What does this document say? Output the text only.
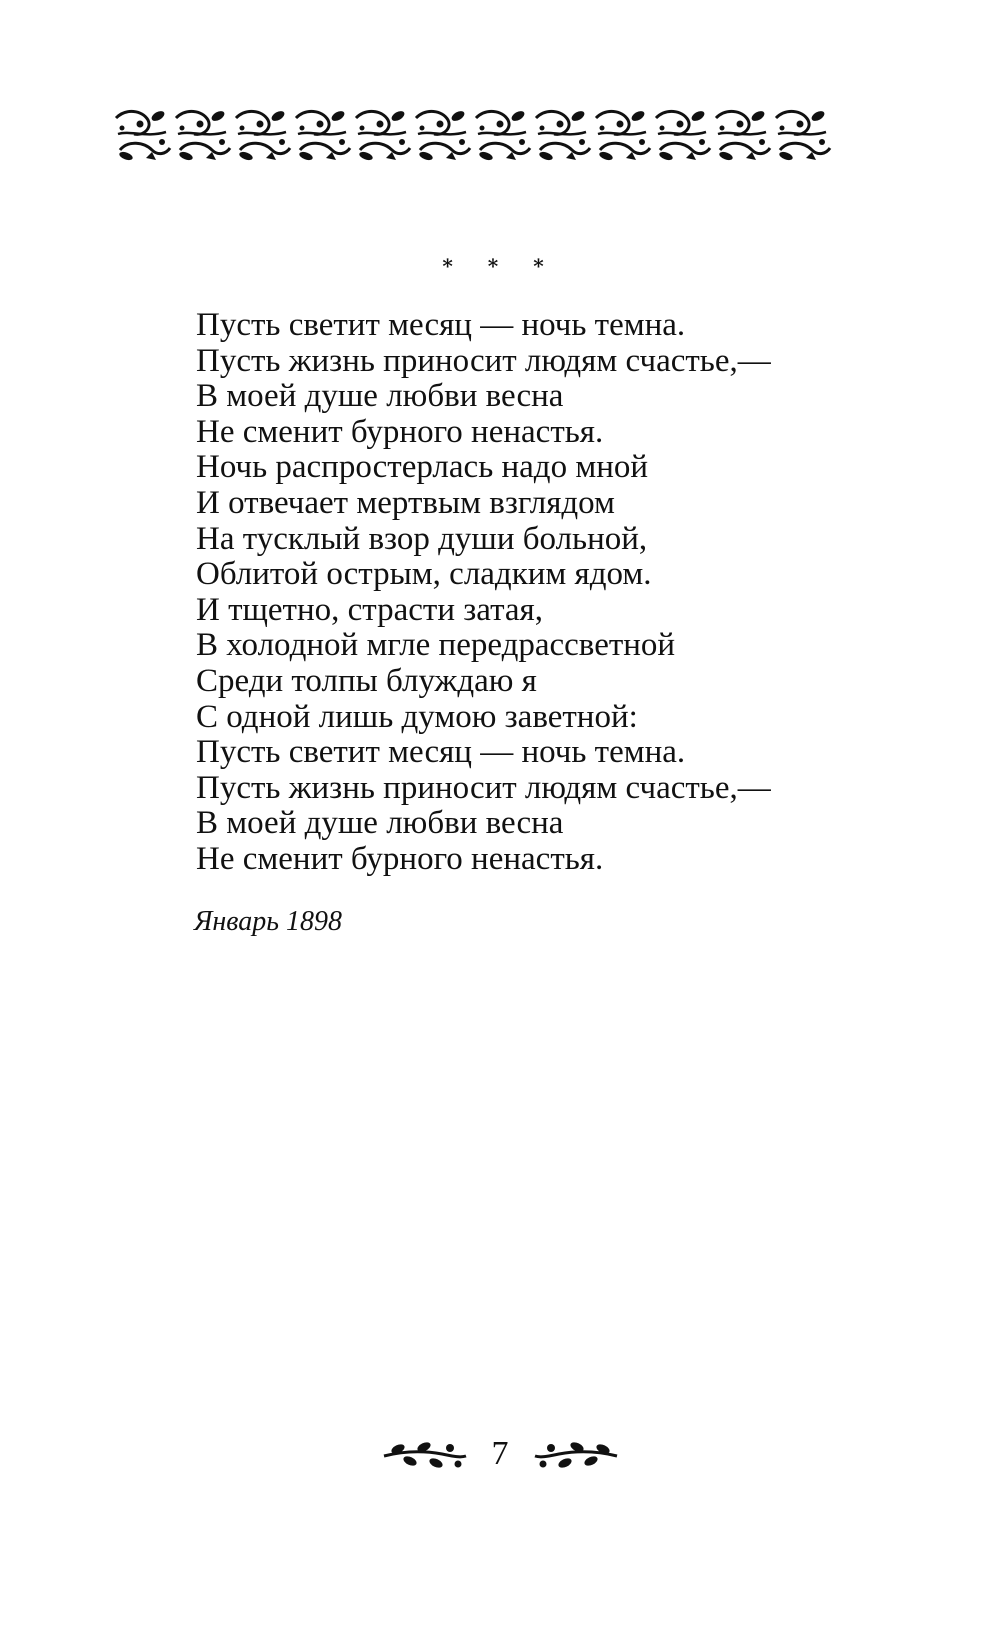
* * *
Пусть светит месяц — ночь темна.
Пусть жизнь приносит людям счастье,—
В моей душе любви весна
Не сменит бурного ненастья.
Ночь распростерлась надо мной
И отвечает мертвым взглядом
На тусклый взор души больной,
Облитой острым, сладким ядом.
И тщетно, страсти затая,
В холодной мгле передрассветной
Среди толпы блуждаю я
С одной лишь думою заветной:
Пусть светит месяц — ночь темна.
Пусть жизнь приносит людям счастье,—
В моей душе любви весна
Не сменит бурного ненастья.
Январь 1898
7
